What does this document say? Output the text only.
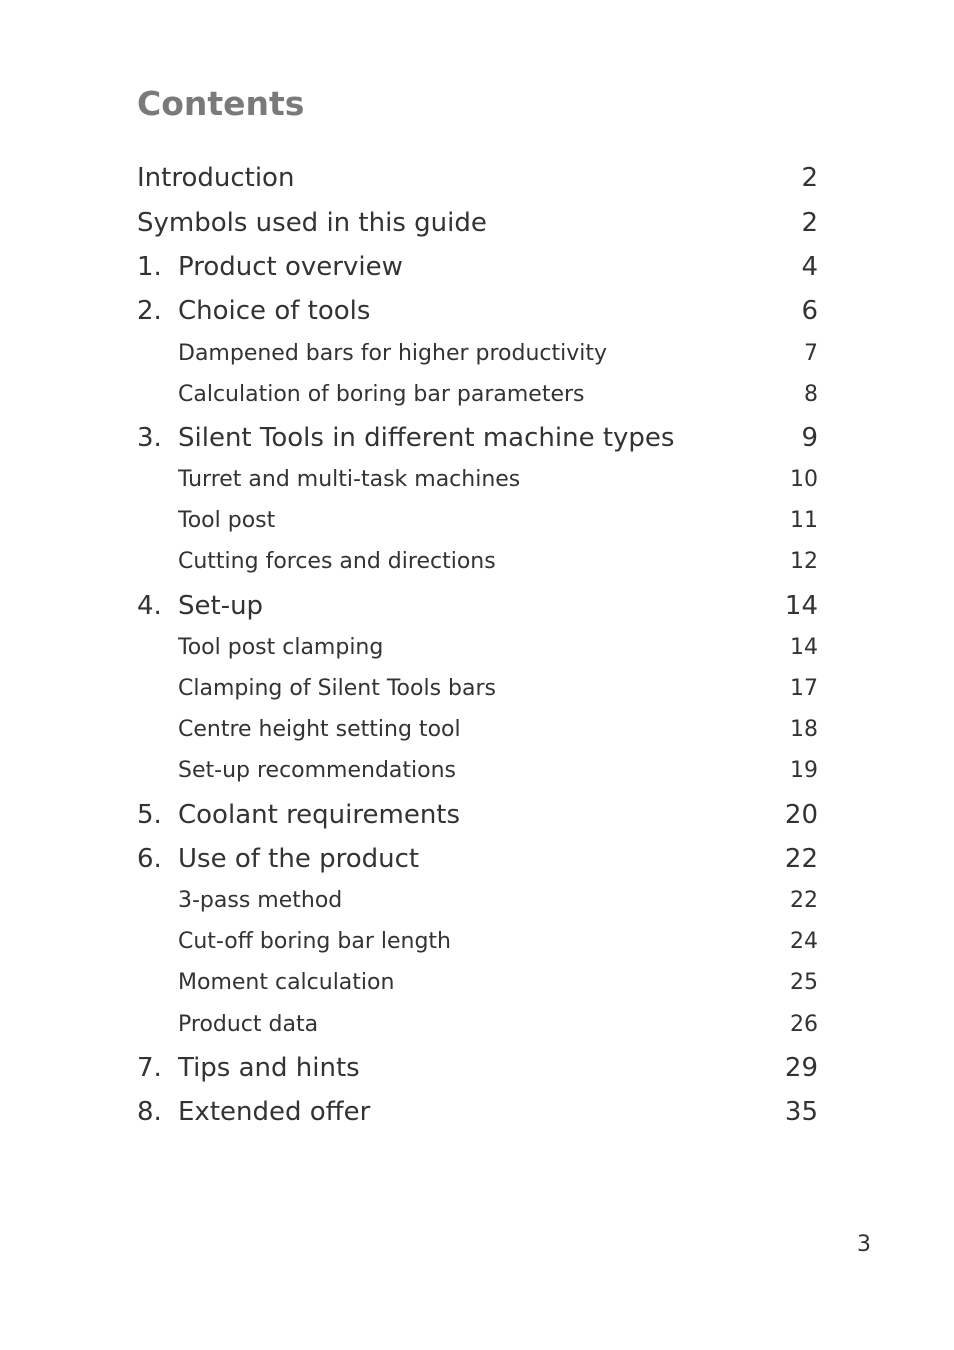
Contents
Introduction	2
Symbols used in this guide	2
1. Product overview	4
2. Choice of tools	6
Dampened bars for higher productivity	7
Calculation of boring bar parameters	8
3. Silent Tools in different machine types	9
Turret and multi-task machines	10
Tool post	11
Cutting forces and directions	12
4. Set-up	14
Tool post clamping	14
Clamping of Silent Tools bars	17
Centre height setting tool	18
Set-up recommendations	19
5. Coolant requirements	20
6. Use of the product	22
3-pass method	22
Cut-off boring bar length	24
Moment calculation	25
Product data	26
7. Tips and hints	29
8. Extended offer	35
3
